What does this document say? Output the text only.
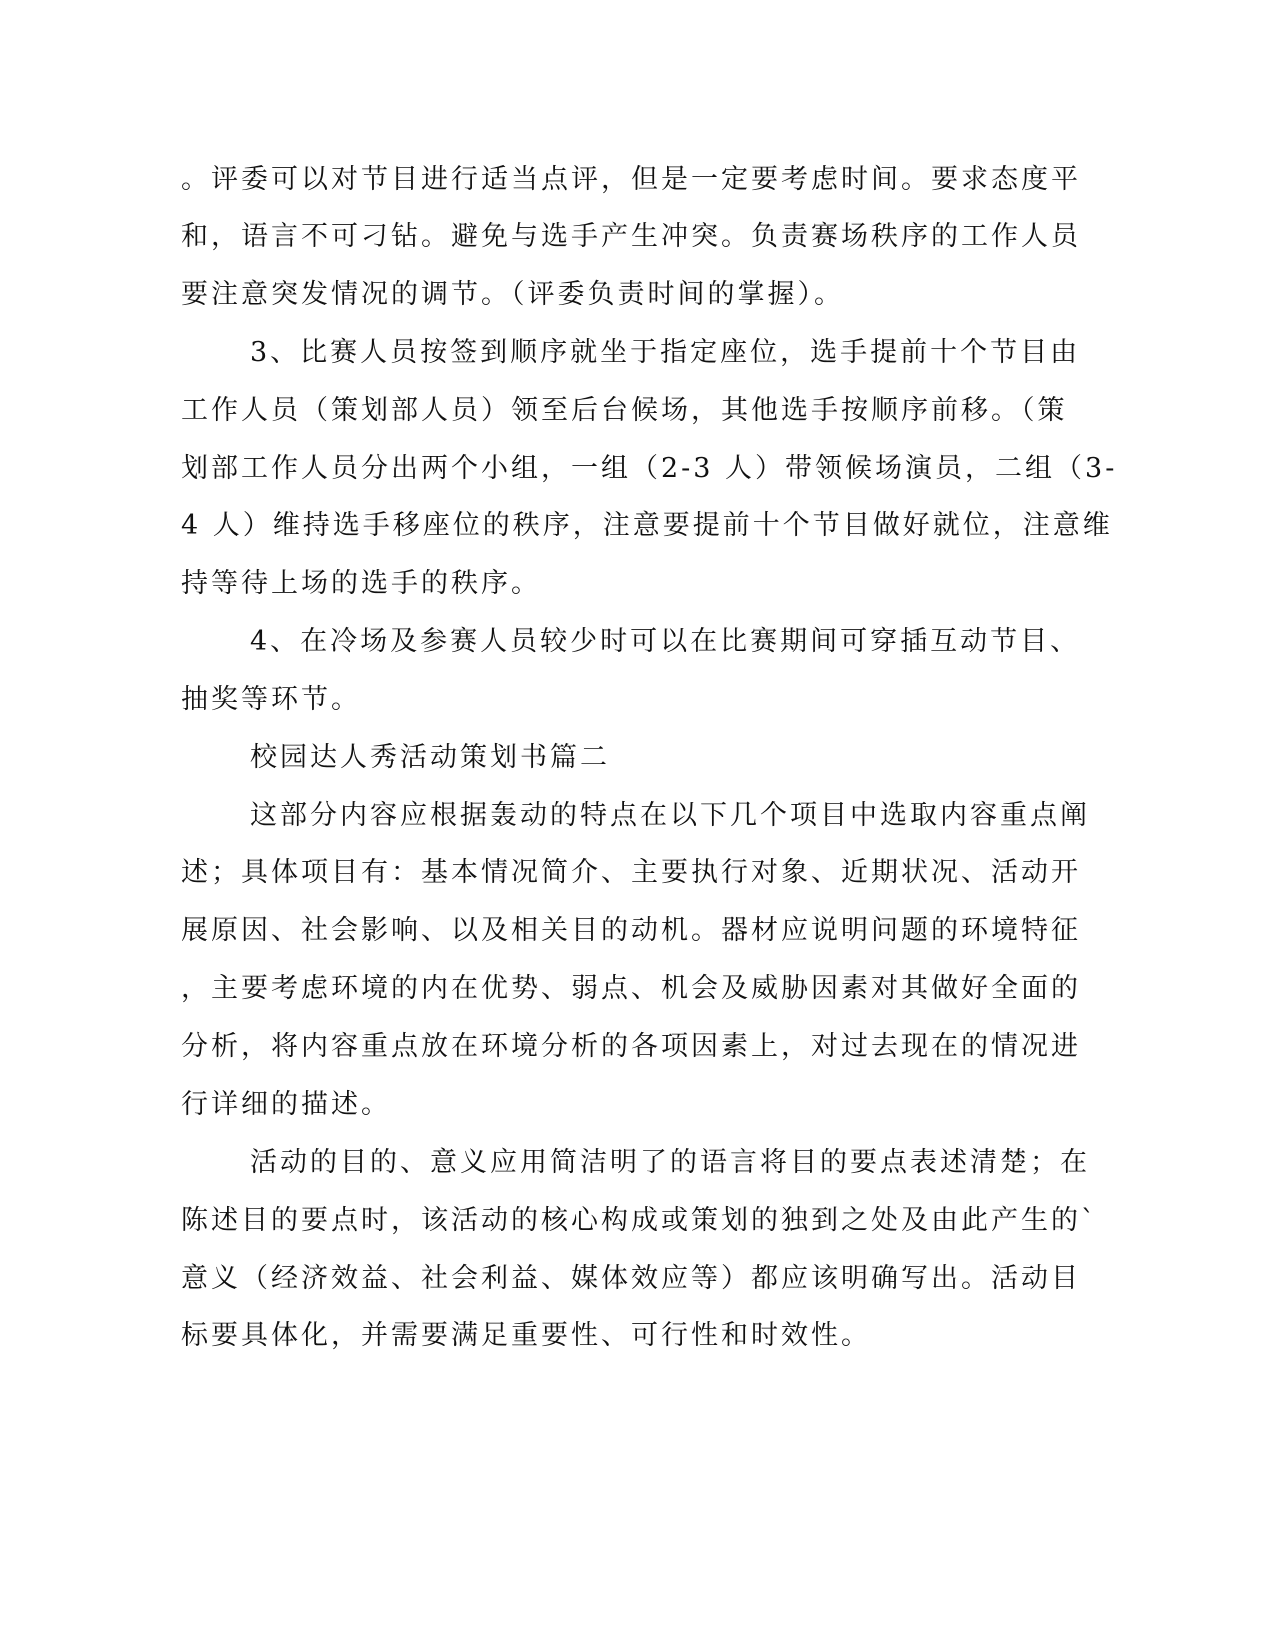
。评委可以对节目进行适当点评，但是一定要考虑时间。要求态度平

和，语言不可刁钻。避免与选手产生冲突。负责赛场秩序的工作人员

要注意突发情况的调节。（评委负责时间的掌握）。

3、比赛人员按签到顺序就坐于指定座位，选手提前十个节目由

工作人员（策划部人员）领至后台候场，其他选手按顺序前移。（策

划部工作人员分出两个小组，一组（2-3 人）带领候场演员，二组（3-

4 人）维持选手移座位的秩序，注意要提前十个节目做好就位，注意维

持等待上场的选手的秩序。

4、在冷场及参赛人员较少时可以在比赛期间可穿插互动节目、

抽奖等环节。

校园达人秀活动策划书篇二

这部分内容应根据轰动的特点在以下几个项目中选取内容重点阐

述；具体项目有：基本情况简介、主要执行对象、近期状况、活动开

展原因、社会影响、以及相关目的动机。器材应说明问题的环境特征

，主要考虑环境的内在优势、弱点、机会及威胁因素对其做好全面的

分析，将内容重点放在环境分析的各项因素上，对过去现在的情况进

行详细的描述。

活动的目的、意义应用简洁明了的语言将目的要点表述清楚；在

陈述目的要点时，该活动的核心构成或策划的独到之处及由此产生的`

意义（经济效益、社会利益、媒体效应等）都应该明确写出。活动目

标要具体化，并需要满足重要性、可行性和时效性。
